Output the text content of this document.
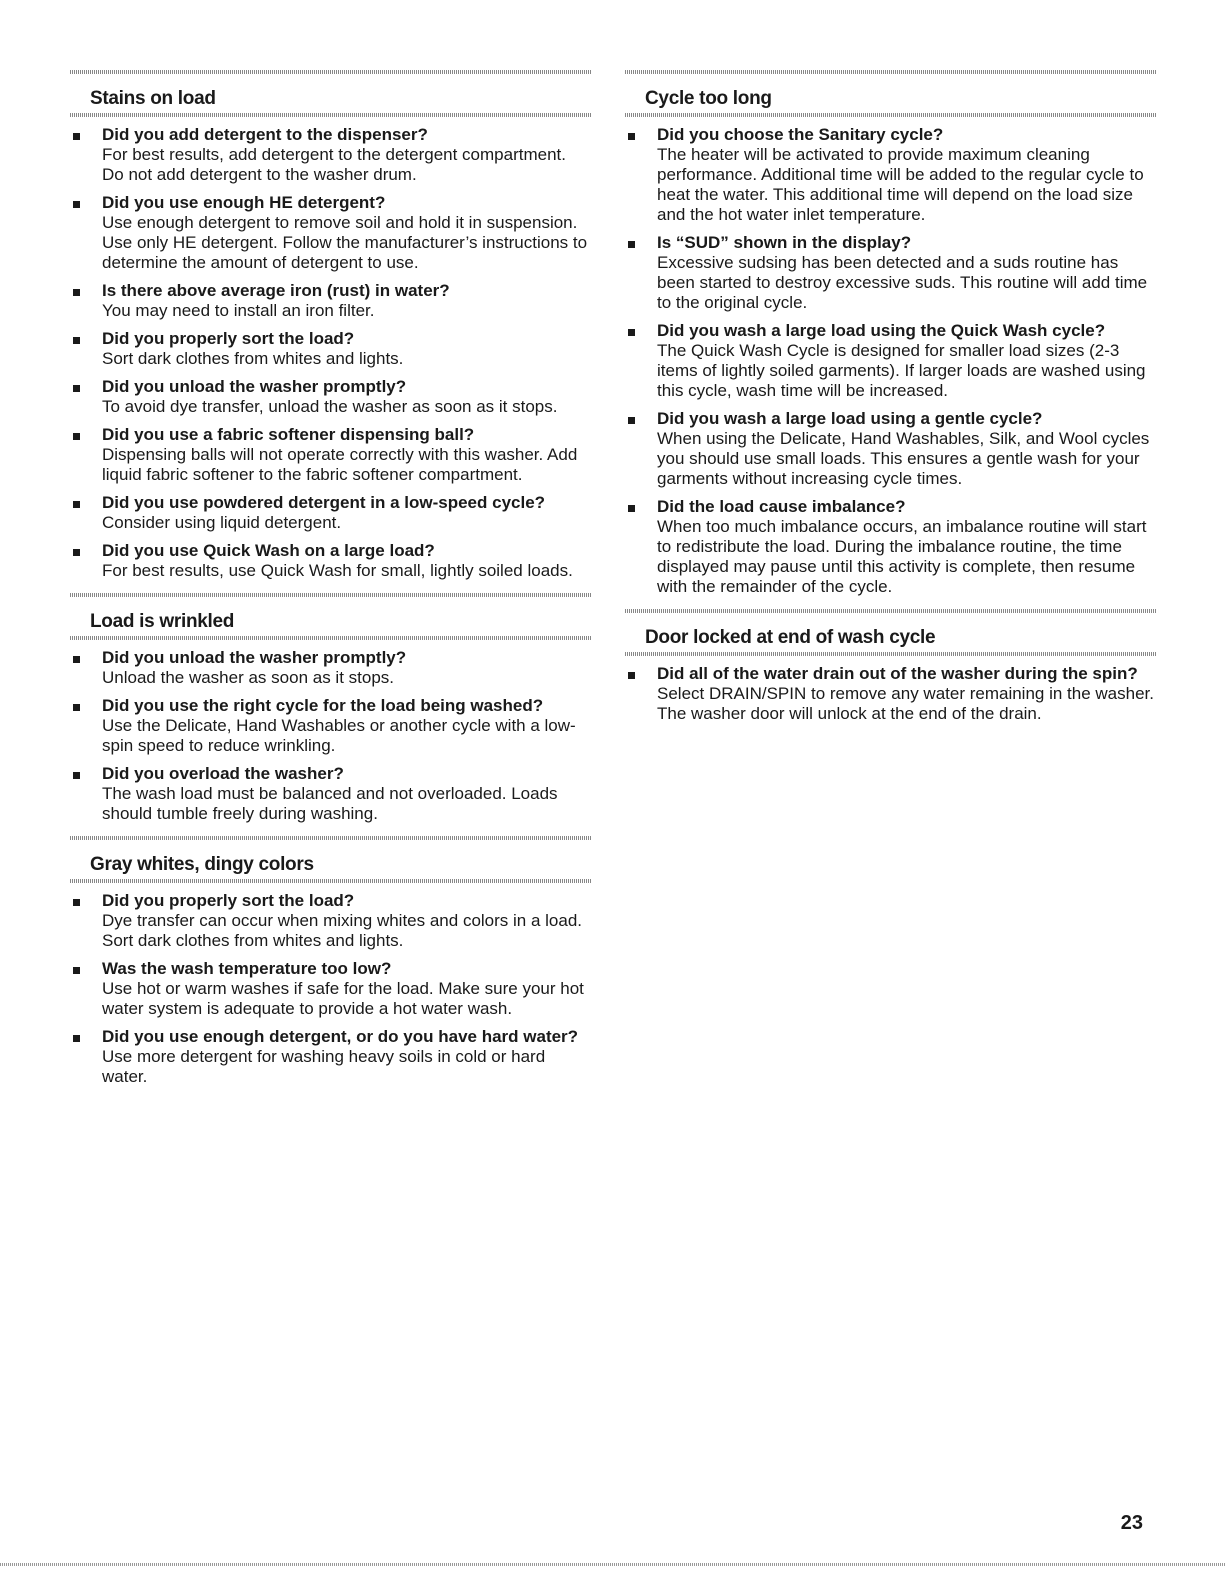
Stains on load
Did you add detergent to the dispenser?
For best results, add detergent to the detergent compartment. Do not add detergent to the washer drum.
Did you use enough HE detergent?
Use enough detergent to remove soil and hold it in suspension. Use only HE detergent. Follow the manufacturer’s instructions to determine the amount of detergent to use.
Is there above average iron (rust) in water?
You may need to install an iron filter.
Did you properly sort the load?
Sort dark clothes from whites and lights.
Did you unload the washer promptly?
To avoid dye transfer, unload the washer as soon as it stops.
Did you use a fabric softener dispensing ball?
Dispensing balls will not operate correctly with this washer. Add liquid fabric softener to the fabric softener compartment.
Did you use powdered detergent in a low-speed cycle?
Consider using liquid detergent.
Did you use Quick Wash on a large load?
For best results, use Quick Wash for small, lightly soiled loads.
Load is wrinkled
Did you unload the washer promptly?
Unload the washer as soon as it stops.
Did you use the right cycle for the load being washed?
Use the Delicate, Hand Washables or another cycle with a low-spin speed to reduce wrinkling.
Did you overload the washer?
The wash load must be balanced and not overloaded. Loads should tumble freely during washing.
Gray whites, dingy colors
Did you properly sort the load?
Dye transfer can occur when mixing whites and colors in a load. Sort dark clothes from whites and lights.
Was the wash temperature too low?
Use hot or warm washes if safe for the load. Make sure your hot water system is adequate to provide a hot water wash.
Did you use enough detergent, or do you have hard water?
Use more detergent for washing heavy soils in cold or hard water.
Cycle too long
Did you choose the Sanitary cycle?
The heater will be activated to provide maximum cleaning performance. Additional time will be added to the regular cycle to heat the water. This additional time will depend on the load size and the hot water inlet temperature.
Is “SUD” shown in the display?
Excessive sudsing has been detected and a suds routine has been started to destroy excessive suds. This routine will add time to the original cycle.
Did you wash a large load using the Quick Wash cycle?
The Quick Wash Cycle is designed for smaller load sizes (2-3 items of lightly soiled garments). If larger loads are washed using this cycle, wash time will be increased.
Did you wash a large load using a gentle cycle?
When using the Delicate, Hand Washables, Silk, and Wool cycles you should use small loads. This ensures a gentle wash for your garments without increasing cycle times.
Did the load cause imbalance?
When too much imbalance occurs, an imbalance routine will start to redistribute the load. During the imbalance routine, the time displayed may pause until this activity is complete, then resume with the remainder of the cycle.
Door locked at end of wash cycle
Did all of the water drain out of the washer during the spin?
Select DRAIN/SPIN to remove any water remaining in the washer. The washer door will unlock at the end of the drain.
23
